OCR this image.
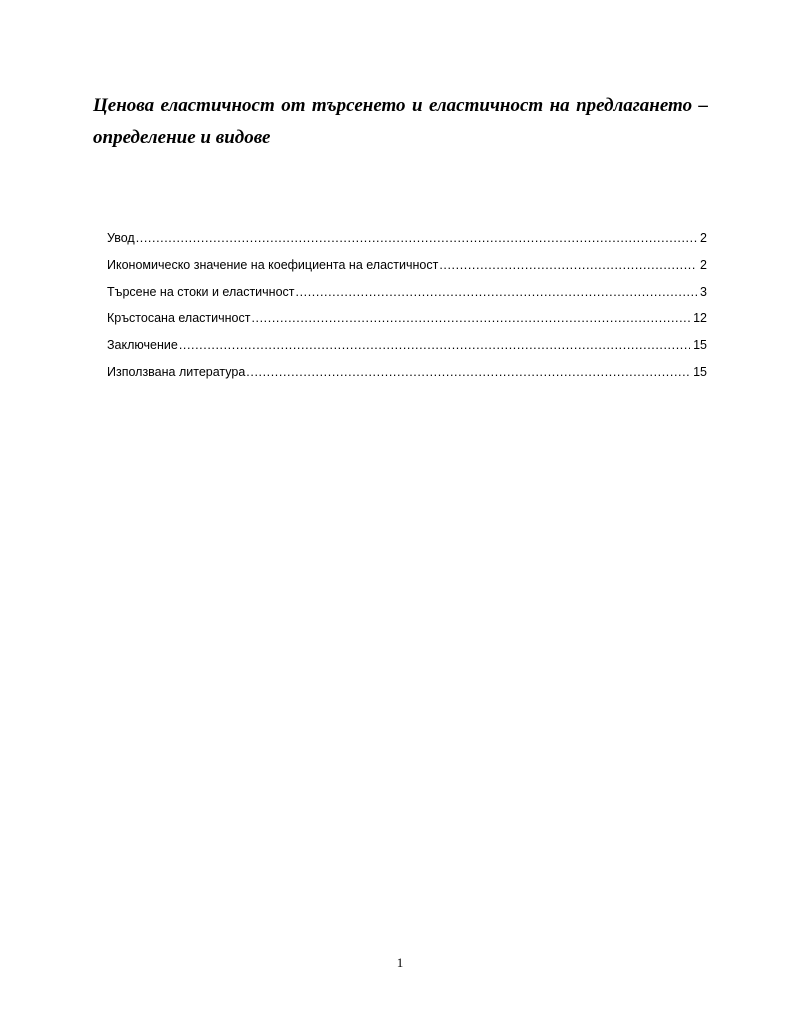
Ценова еластичност от търсенето и еластичност на предлагането – определение и видове
Увод .....	2
Икономическо значение на коефициента на еластичност .....	2
Търсене на стоки и еластичност .....	3
Кръстосана еластичност .....	12
Заключение .....	15
Използвана литература .....	15
1
